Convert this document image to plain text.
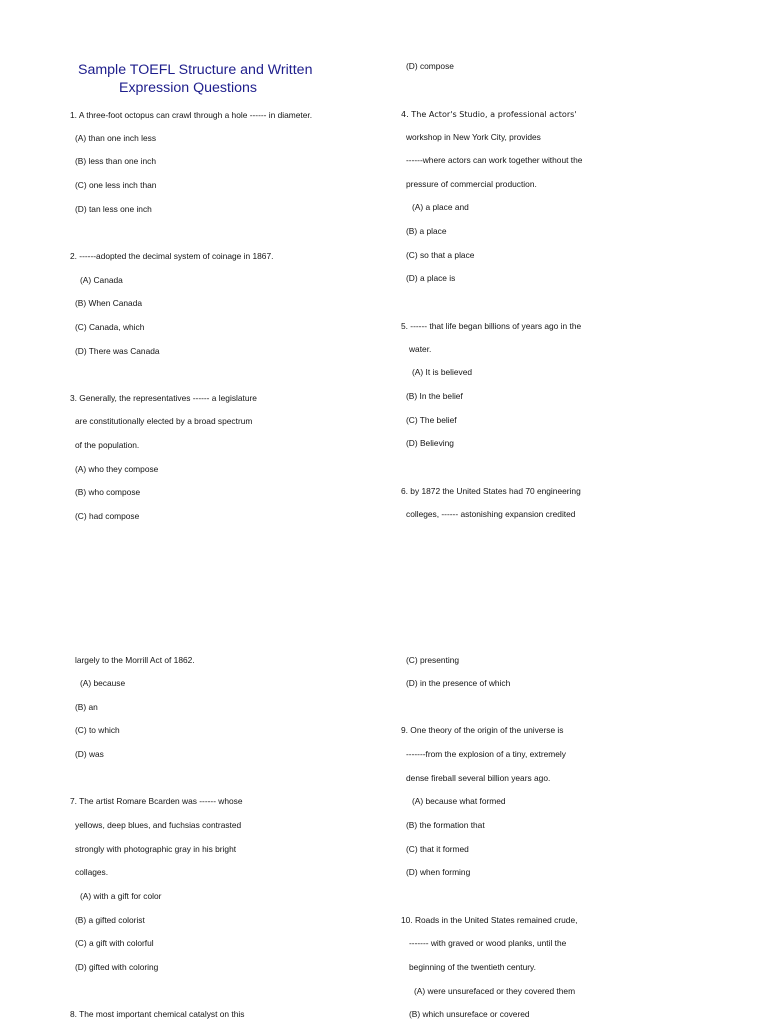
Sample TOEFL Structure and Written
Expression Questions
1. A three-foot octopus can crawl through a hole ------ in diameter.
(A) than one inch less
(B) less than one inch
(C) one less inch than
(D) tan less one inch
2. ------adopted the decimal system of coinage in 1867.
(A) Canada
(B) When Canada
(C) Canada, which
(D) There was Canada
3. Generally, the representatives ------ a legislature
are constitutionally elected by a broad spectrum
of the population.
(A) who they compose
(B) who compose
(C) had compose
(D) compose
4. The Actor's Studio, a professional actors'
workshop in New York City, provides
------where actors can work together without the
pressure of commercial production.
(A) a place and
(B) a place
(C) so that a place
(D) a place is
5. ------ that life began billions of years ago in the
water.
(A) It is believed
(B) In the belief
(C) The belief
(D) Believing
6. by 1872 the United States had 70 engineering
colleges, ------ astonishing expansion credited
largely to the Morrill Act of 1862.
(A) because
(B) an
(C) to which
(D) was
7. The artist Romare Bcarden was ------ whose
yellows, deep blues, and fuchsias contrasted
strongly with photographic gray in his bright
collages.
(A) with a gift for color
(B) a gifted colorist
(C) a gift with colorful
(D) gifted with coloring
8. The most important chemical catalyst on this
(C) presenting
(D) in the presence of which
9. One theory of the origin of the universe is
-------from the explosion of a tiny, extremely
dense fireball several billion years ago.
(A) because what formed
(B) the formation that
(C) that it formed
(D) when forming
10. Roads in the United States remained crude,
------- with graved or wood planks, until the
beginning of the twentieth century.
(A) were unsurefaced or they covered them
(B) which unsureface or covered
